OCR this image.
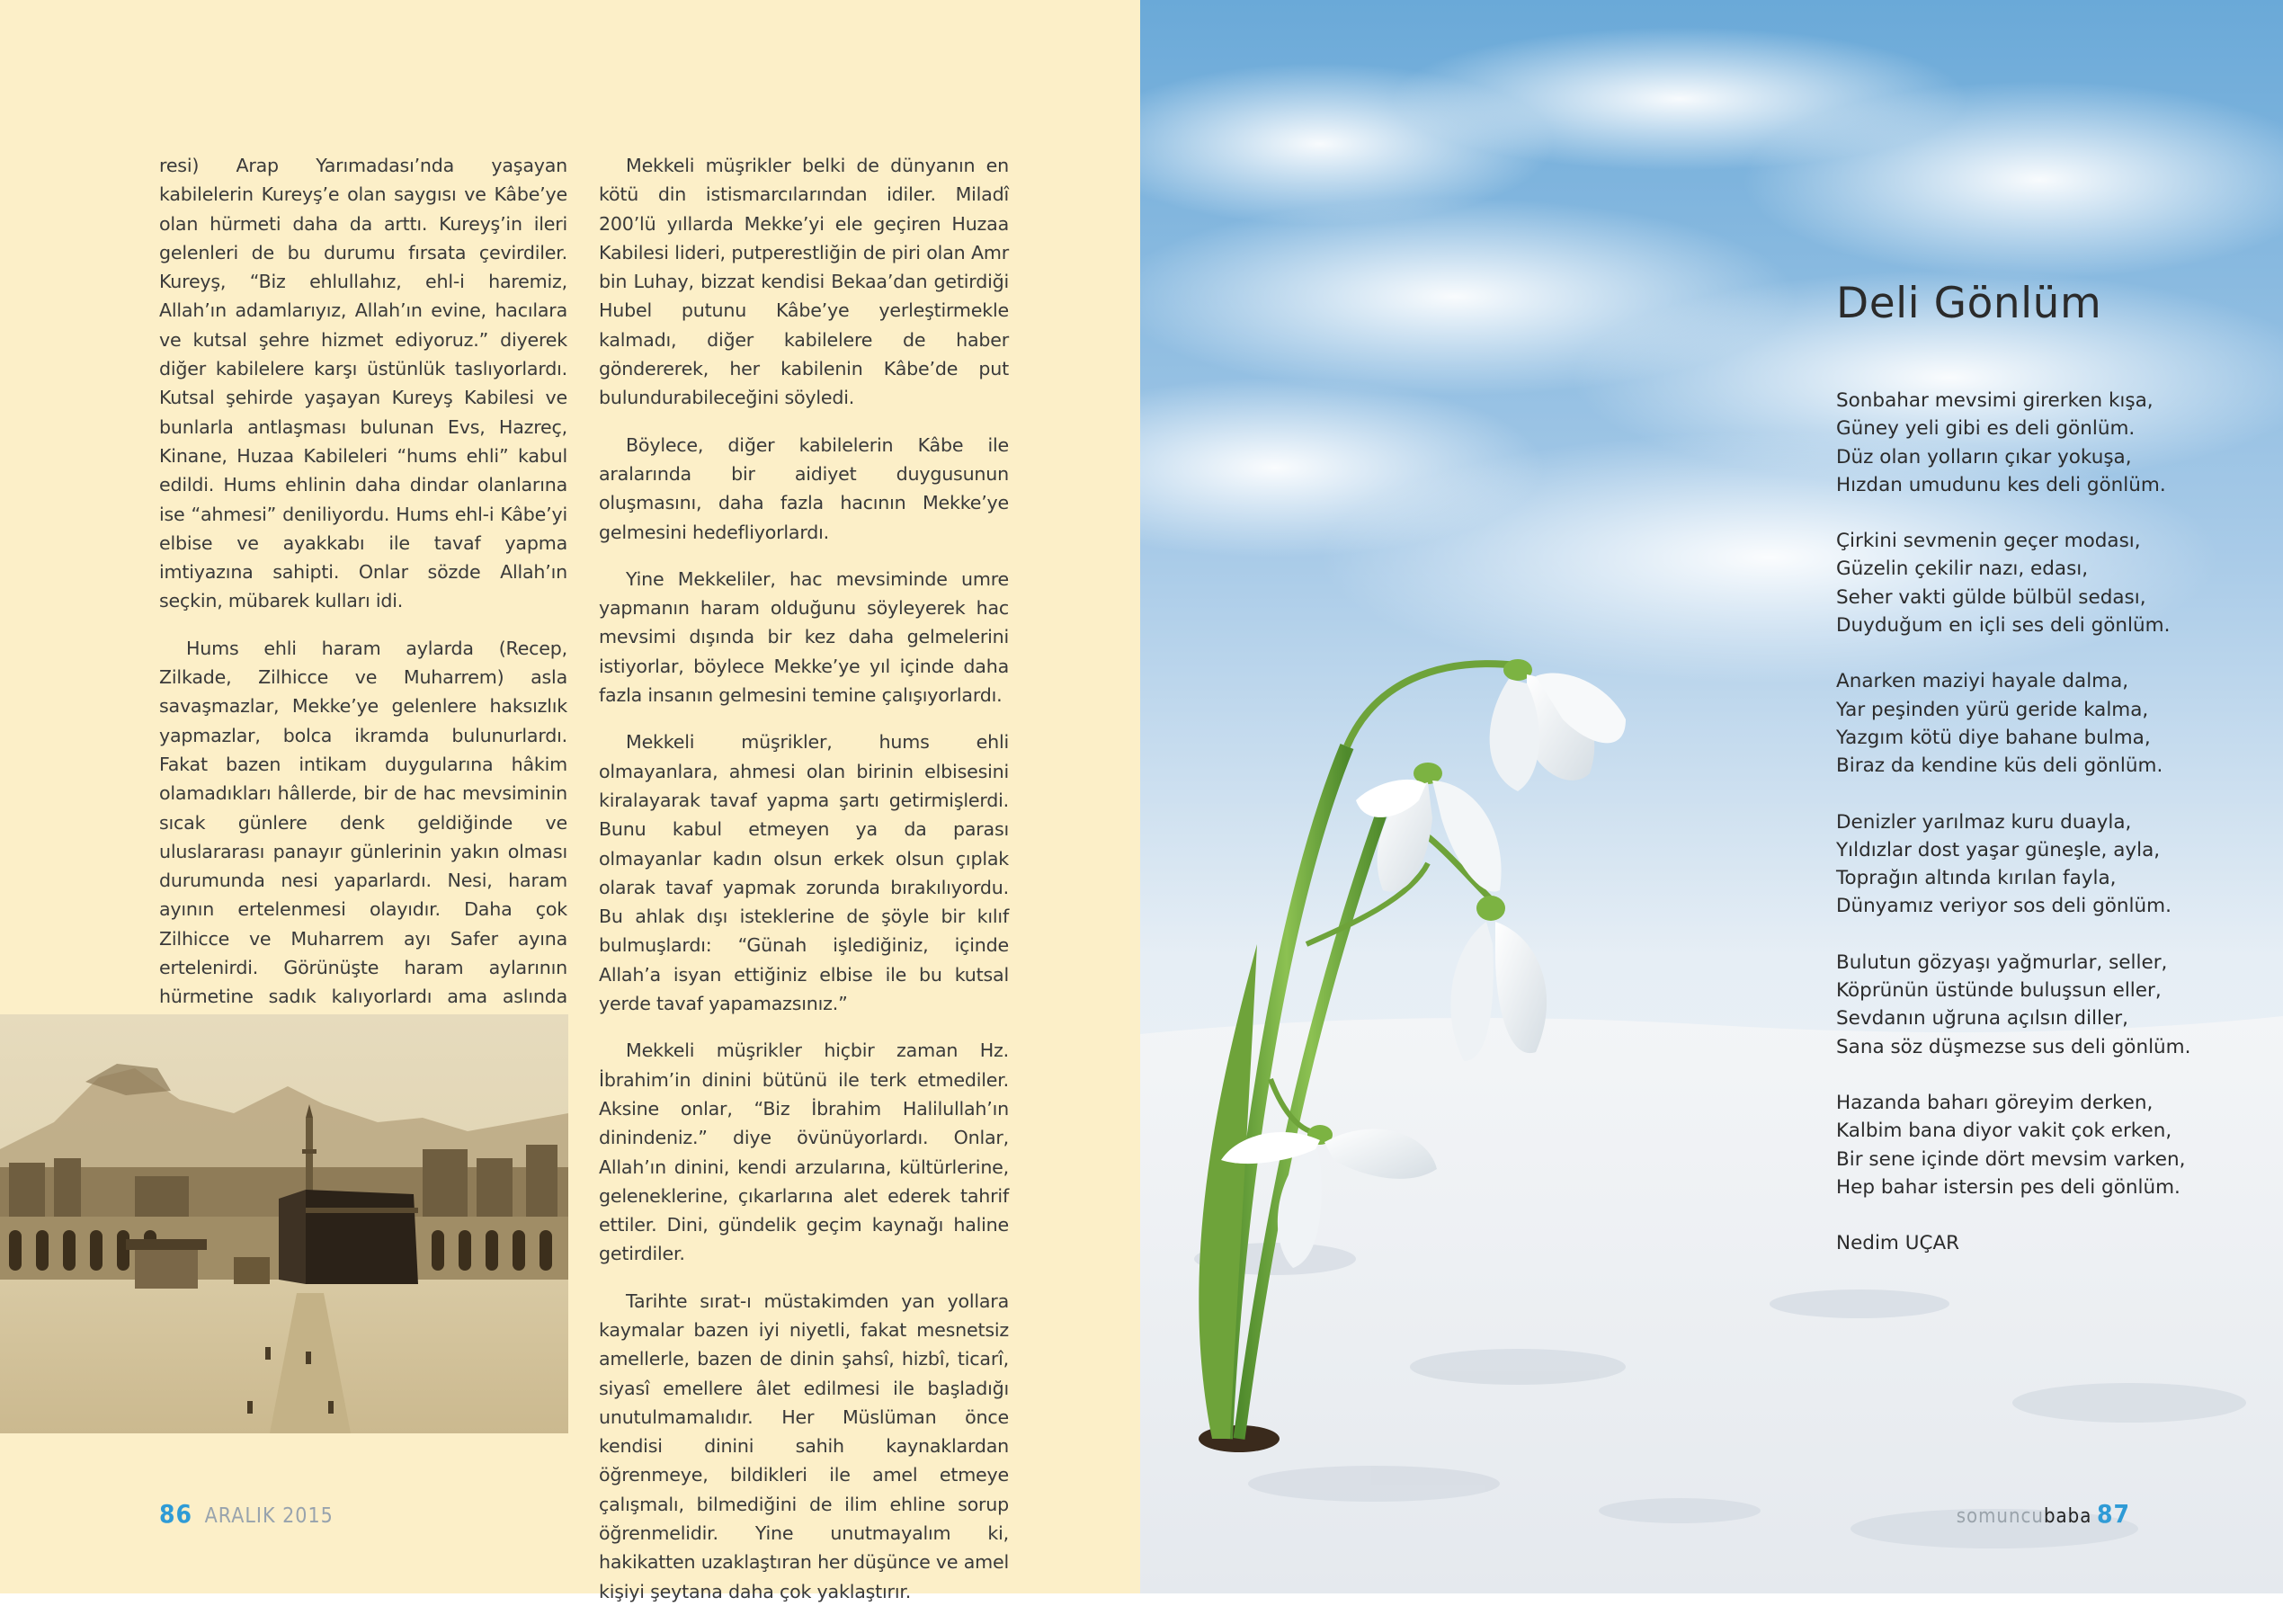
resi) Arap Yarımadası’nda yaşayan kabilelerin Kureyş’e olan saygısı ve Kâbe’ye olan hürmeti daha da arttı. Kureyş’in ileri gelenleri de bu durumu fırsata çevirdiler. Kureyş, “Biz ehlullahız, ehl-i haremiz, Allah’ın adamlarıyız, Allah’ın evine, hacılara ve kutsal şehre hizmet ediyoruz.” diyerek diğer kabilelere karşı üstünlük taslıyorlardı. Kutsal şehirde yaşayan Kureyş Kabilesi ve bunlarla antlaşması bulunan Evs, Hazreç, Kinane, Huzaa Kabileleri “hums ehli” kabul edildi. Hums ehlinin daha dindar olanlarına ise “ahmesi” deniliyordu. Hums ehl-i Kâbe’yi elbise ve ayakkabı ile tavaf yapma imtiyazına sahipti. Onlar sözde Allah’ın seçkin, mübarek kulları idi.

Hums ehli haram aylarda (Recep, Zilkade, Zilhicce ve Muharrem) asla savaşmazlar, Mekke’ye gelenlere haksızlık yapmazlar, bolca ikramda bulunurlardı. Fakat bazen intikam duygularına hâkim olamadıkları hâllerde, bir de hac mevsiminin sıcak günlere denk geldiğinde ve uluslararası panayır günlerinin yakın olması durumunda nesi yaparlardı. Nesi, haram ayının ertelenmesi olayıdır. Daha çok Zilhicce ve Muharrem ayı Safer ayına ertelenirdi. Görünüşte haram aylarının hürmetine sadık kalıyorlardı ama aslında

Mekkeli müşrikler belki de dünyanın en kötü din istismarcılarından idiler. Miladî 200’lü yıllarda Mekke’yi ele geçiren Huzaa Kabilesi lideri, putperestliğin de piri olan Amr bin Luhay, bizzat kendisi Bekaa’dan getirdiği Hubel putunu Kâbe’ye yerleştirmekle kalmadı, diğer kabilelere de haber göndererek, her kabilenin Kâbe’de put bulundurabileceğini söyledi.

Böylece, diğer kabilelerin Kâbe ile aralarında bir aidiyet duygusunun oluşmasını, daha fazla hacının Mekke’ye gelmesini hedefliyorlardı.

Yine Mekkeliler, hac mevsiminde umre yapmanın haram olduğunu söyleyerek hac mevsimi dışında bir kez daha gelmelerini istiyorlar, böylece Mekke’ye yıl içinde daha fazla insanın gelmesini temine çalışıyorlardı.

Mekkeli müşrikler, hums ehli olmayanlara, ahmesi olan birinin elbisesini kiralayarak tavaf yapma şartı getirmişlerdi. Bunu kabul etmeyen ya da parası olmayanlar kadın olsun erkek olsun çıplak olarak tavaf yapmak zorunda bırakılıyordu. Bu ahlak dışı isteklerine de şöyle bir kılıf bulmuşlardı: “Günah işlediğiniz, içinde Allah’a isyan ettiğiniz elbise ile bu kutsal yerde tavaf yapamazsınız.”

Mekkeli müşrikler hiçbir zaman Hz. İbrahim’in dinini bütünü ile terk etmediler. Aksine onlar, “Biz İbrahim Halilullah’ın dinindeniz.” diye övünüyorlardı. Onlar, Allah’ın dinini, kendi arzularına, kültürlerine, geleneklerine, çıkarlarına alet ederek tahrif ettiler. Dini, gündelik geçim kaynağı haline getirdiler.

Tarihte sırat-ı müstakimden yan yollara kaymalar bazen iyi niyetli, fakat mesnetsiz amellerle, bazen de dinin şahsî, hizbî, ticarî, siyasî emellere âlet edilmesi ile başladığı unutulmamalıdır. Her Müslüman önce kendisi dinini sahih kaynaklardan öğrenmeye, bildikleri ile amel etmeye çalışmalı, bilmediğini de ilim ehline sorup öğrenmelidir. Yine unutmayalım ki, hakikatten uzaklaştıran her düşünce ve amel kişiyi şeytana daha çok yaklaştırır.

86 ARALIK 2015
Deli Gönlüm
Sonbahar mevsimi girerken kışa,
Güney yeli gibi es deli gönlüm.
Düz olan yolların çıkar yokuşa,
Hızdan umudunu kes deli gönlüm.
Çirkini sevmenin geçer modası,
Güzelin çekilir nazı, edası,
Seher vakti gülde bülbül sedası,
Duyduğum en içli ses deli gönlüm.
Anarken maziyi hayale dalma,
Yar peşinden yürü geride kalma,
Yazgım kötü diye bahane bulma,
Biraz da kendine küs deli gönlüm.
Denizler yarılmaz kuru duayla,
Yıldızlar dost yaşar güneşle, ayla,
Toprağın altında kırılan fayla,
Dünyamız veriyor sos deli gönlüm.
Bulutun gözyaşı yağmurlar, seller,
Köprünün üstünde buluşsun eller,
Sevdanın uğruna açılsın diller,
Sana söz düşmezse sus deli gönlüm.
Hazanda baharı göreyim derken,
Kalbim bana diyor vakit çok erken,
Bir sene içinde dört mevsim varken,
Hep bahar istersin pes deli gönlüm.
Nedim UÇAR
somuncubaba 87
